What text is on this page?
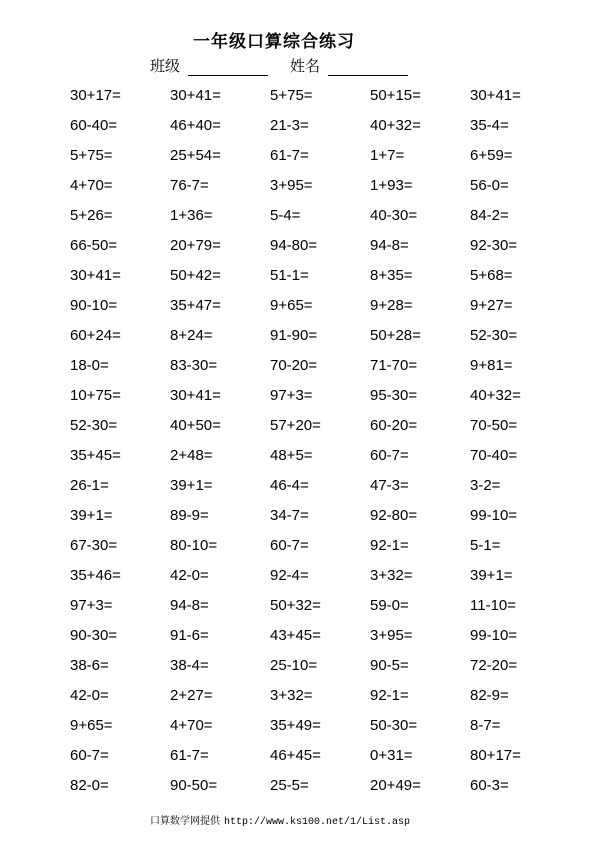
一年级口算综合练习
班级	姓名
30+17=	30+41=	5+75=	50+15=	30+41=
60-40=	46+40=	21-3=	40+32=	35-4=
5+75=	25+54=	61-7=	1+7=	6+59=
4+70=	76-7=	3+95=	1+93=	56-0=
5+26=	1+36=	5-4=	40-30=	84-2=
66-50=	20+79=	94-80=	94-8=	92-30=
30+41=	50+42=	51-1=	8+35=	5+68=
90-10=	35+47=	9+65=	9+28=	9+27=
60+24=	8+24=	91-90=	50+28=	52-30=
18-0=	83-30=	70-20=	71-70=	9+81=
10+75=	30+41=	97+3=	95-30=	40+32=
52-30=	40+50=	57+20=	60-20=	70-50=
35+45=	2+48=	48+5=	60-7=	70-40=
26-1=	39+1=	46-4=	47-3=	3-2=
39+1=	89-9=	34-7=	92-80=	99-10=
67-30=	80-10=	60-7=	92-1=	5-1=
35+46=	42-0=	92-4=	3+32=	39+1=
97+3=	94-8=	50+32=	59-0=	11-10=
90-30=	91-6=	43+45=	3+95=	99-10=
38-6=	38-4=	25-10=	90-5=	72-20=
42-0=	2+27=	3+32=	92-1=	82-9=
9+65=	4+70=	35+49=	50-30=	8-7=
60-7=	61-7=	46+45=	0+31=	80+17=
82-0=	90-50=	25-5=	20+49=	60-3=
口算数学网提供 http://www.ks100.net/1/List.asp
